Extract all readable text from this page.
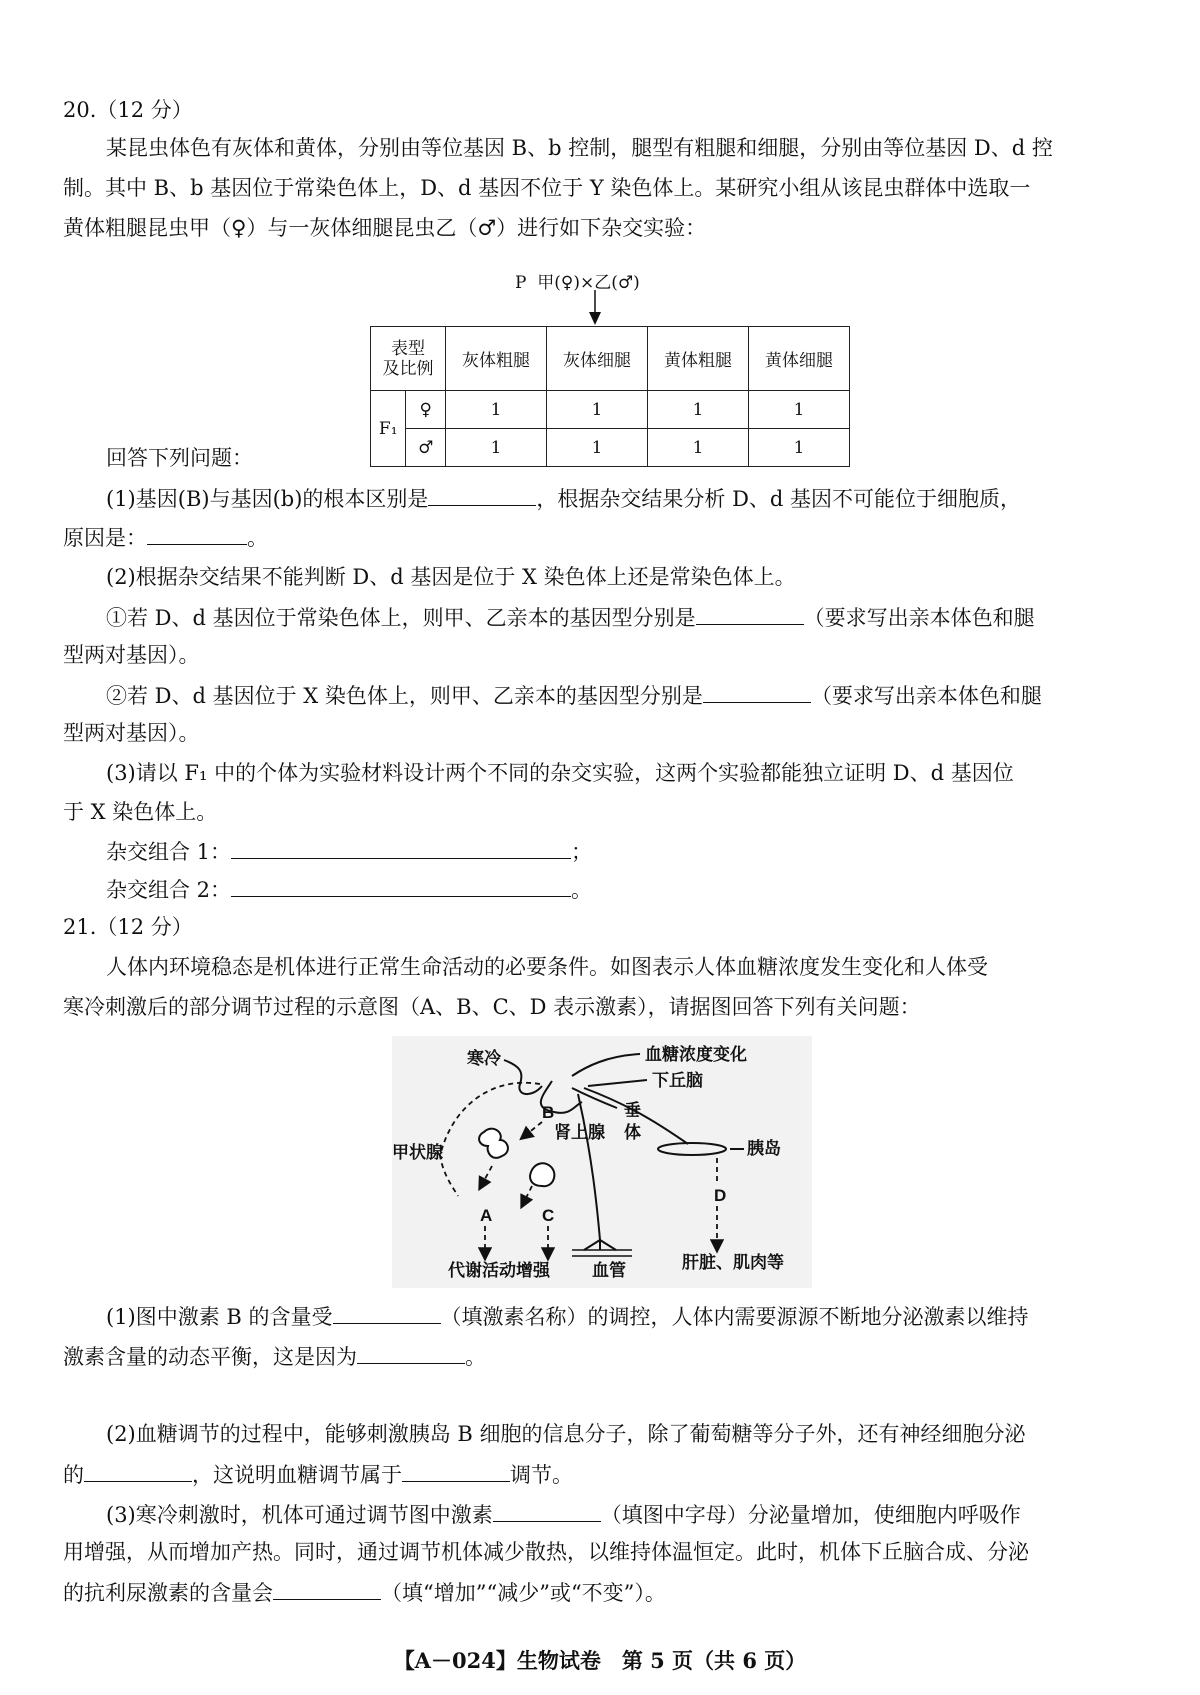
20.（12 分）
某昆虫体色有灰体和黄体，分别由等位基因 B、b 控制，腿型有粗腿和细腿，分别由等位基因 D、d 控
制。其中 B、b 基因位于常染色体上，D、d 基因不位于 Y 染色体上。某研究小组从该昆虫群体中选取一
黄体粗腿昆虫甲（♀）与一灰体细腿昆虫乙（♂）进行如下杂交实验：
P 甲(♀)×乙(♂)
表型
及比例		灰体粗腿	灰体细腿	黄体粗腿	黄体细腿
F₁	♀	1	1	1	1
	♂	1	1	1	1
回答下列问题：
(1)基因(B)与基因(b)的根本区别是	，根据杂交结果分析 D、d 基因不可能位于细胞质，
原因是：	。
(2)根据杂交结果不能判断 D、d 基因是位于 X 染色体上还是常染色体上。
①若 D、d 基因位于常染色体上，则甲、乙亲本的基因型分别是	（要求写出亲本体色和腿
型两对基因）。
②若 D、d 基因位于 X 染色体上，则甲、乙亲本的基因型分别是	（要求写出亲本体色和腿
型两对基因）。
(3)请以 F₁ 中的个体为实验材料设计两个不同的杂交实验，这两个实验都能独立证明 D、d 基因位
于 X 染色体上。
杂交组合 1：	；
杂交组合 2：	。
21.（12 分）
人体内环境稳态是机体进行正常生命活动的必要条件。如图表示人体血糖浓度发生变化和人体受
寒冷刺激后的部分调节过程的示意图（A、B、C、D 表示激素），请据图回答下列有关问题：
寒冷	血糖浓度变化
下丘脑
B	垂
体
肾上腺
甲状腺	胰岛
A	C
D
代谢活动增强 血管	肝脏、肌肉等
(1)图中激素 B 的含量受	（填激素名称）的调控，人体内需要源源不断地分泌激素以维持
激素含量的动态平衡，这是因为	。
(2)血糖调节的过程中，能够刺激胰岛 B 细胞的信息分子，除了葡萄糖等分子外，还有神经细胞分泌
的	，这说明血糖调节属于	调节。
(3)寒冷刺激时，机体可通过调节图中激素	（填图中字母）分泌量增加，使细胞内呼吸作
用增强，从而增加产热。同时，通过调节机体减少散热，以维持体温恒定。此时，机体下丘脑合成、分泌
的抗利尿激素的含量会	（填“增加”“减少”或“不变”）。
【A－024】生物试卷　第 5 页（共 6 页）
